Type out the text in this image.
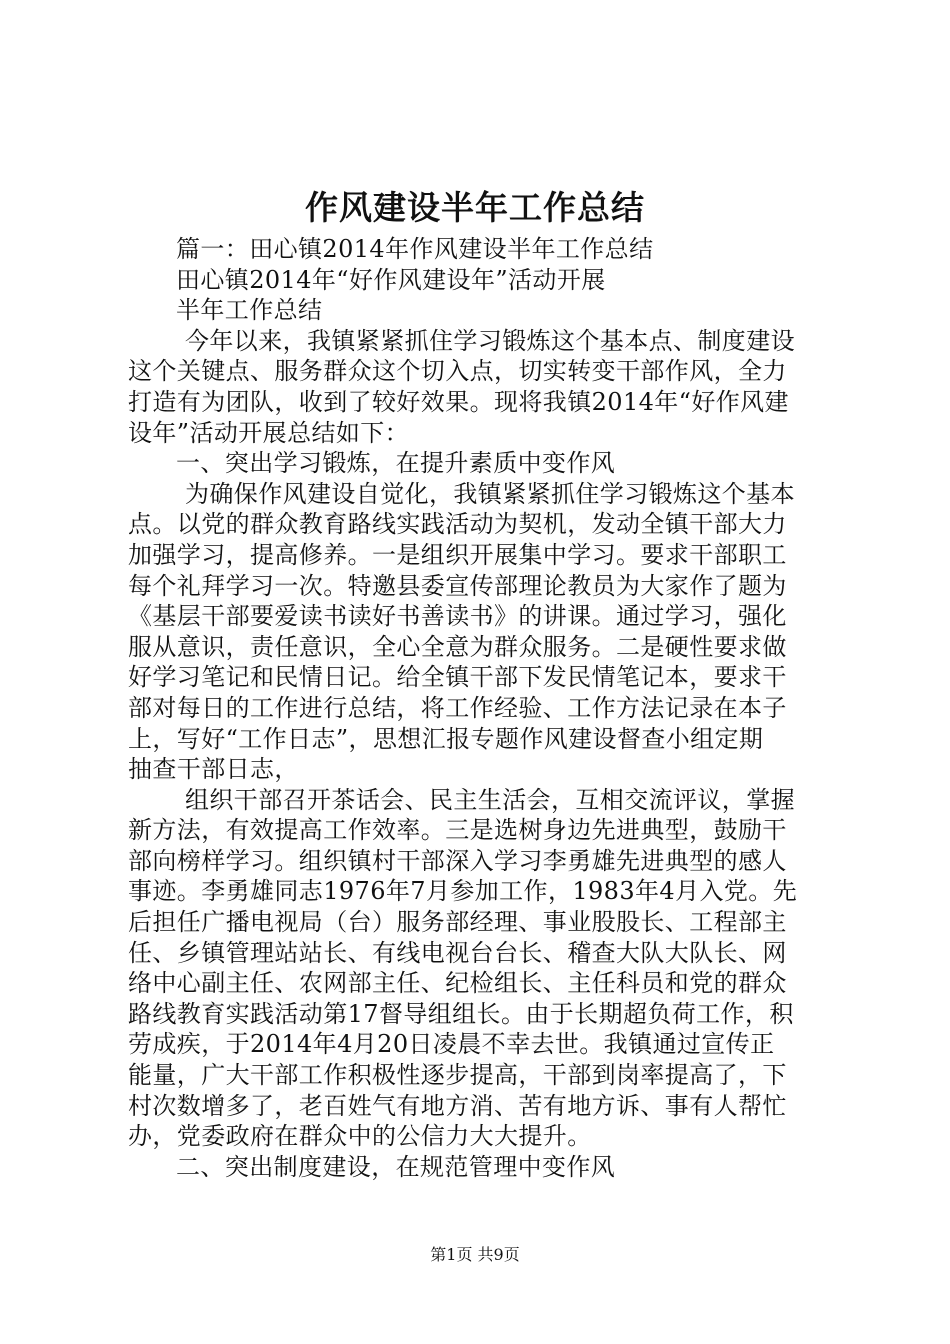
作风建设半年工作总结
篇一：田心镇2014年作风建设半年工作总结
田心镇2014年“好作风建设年”活动开展
半年工作总结
今年以来，我镇紧紧抓住学习锻炼这个基本点、制度建设
这个关键点、服务群众这个切入点，切实转变干部作风，全力
打造有为团队，收到了较好效果。现将我镇2014年“好作风建
设年”活动开展总结如下：
一、突出学习锻炼，在提升素质中变作风
为确保作风建设自觉化，我镇紧紧抓住学习锻炼这个基本
点。以党的群众教育路线实践活动为契机，发动全镇干部大力
加强学习，提高修养。一是组织开展集中学习。要求干部职工
每个礼拜学习一次。特邀县委宣传部理论教员为大家作了题为
《基层干部要爱读书读好书善读书》的讲课。通过学习，强化
服从意识，责任意识，全心全意为群众服务。二是硬性要求做
好学习笔记和民情日记。给全镇干部下发民情笔记本，要求干
部对每日的工作进行总结，将工作经验、工作方法记录在本子
上，写好“工作日志”，思想汇报专题作风建设督查小组定期
抽查干部日志，
组织干部召开茶话会、民主生活会，互相交流评议，掌握
新方法，有效提高工作效率。三是选树身边先进典型，鼓励干
部向榜样学习。组织镇村干部深入学习李勇雄先进典型的感人
事迹。李勇雄同志1976年7月参加工作，1983年4月入党。先
后担任广播电视局（台）服务部经理、事业股股长、工程部主
任、乡镇管理站站长、有线电视台台长、稽查大队大队长、网
络中心副主任、农网部主任、纪检组长、主任科员和党的群众
路线教育实践活动第17督导组组长。由于长期超负荷工作，积
劳成疾，于2014年4月20日凌晨不幸去世。我镇通过宣传正
能量，广大干部工作积极性逐步提高，干部到岗率提高了，下
村次数增多了，老百姓气有地方消、苦有地方诉、事有人帮忙
办，党委政府在群众中的公信力大大提升。
二、突出制度建设，在规范管理中变作风
第1页 共9页
